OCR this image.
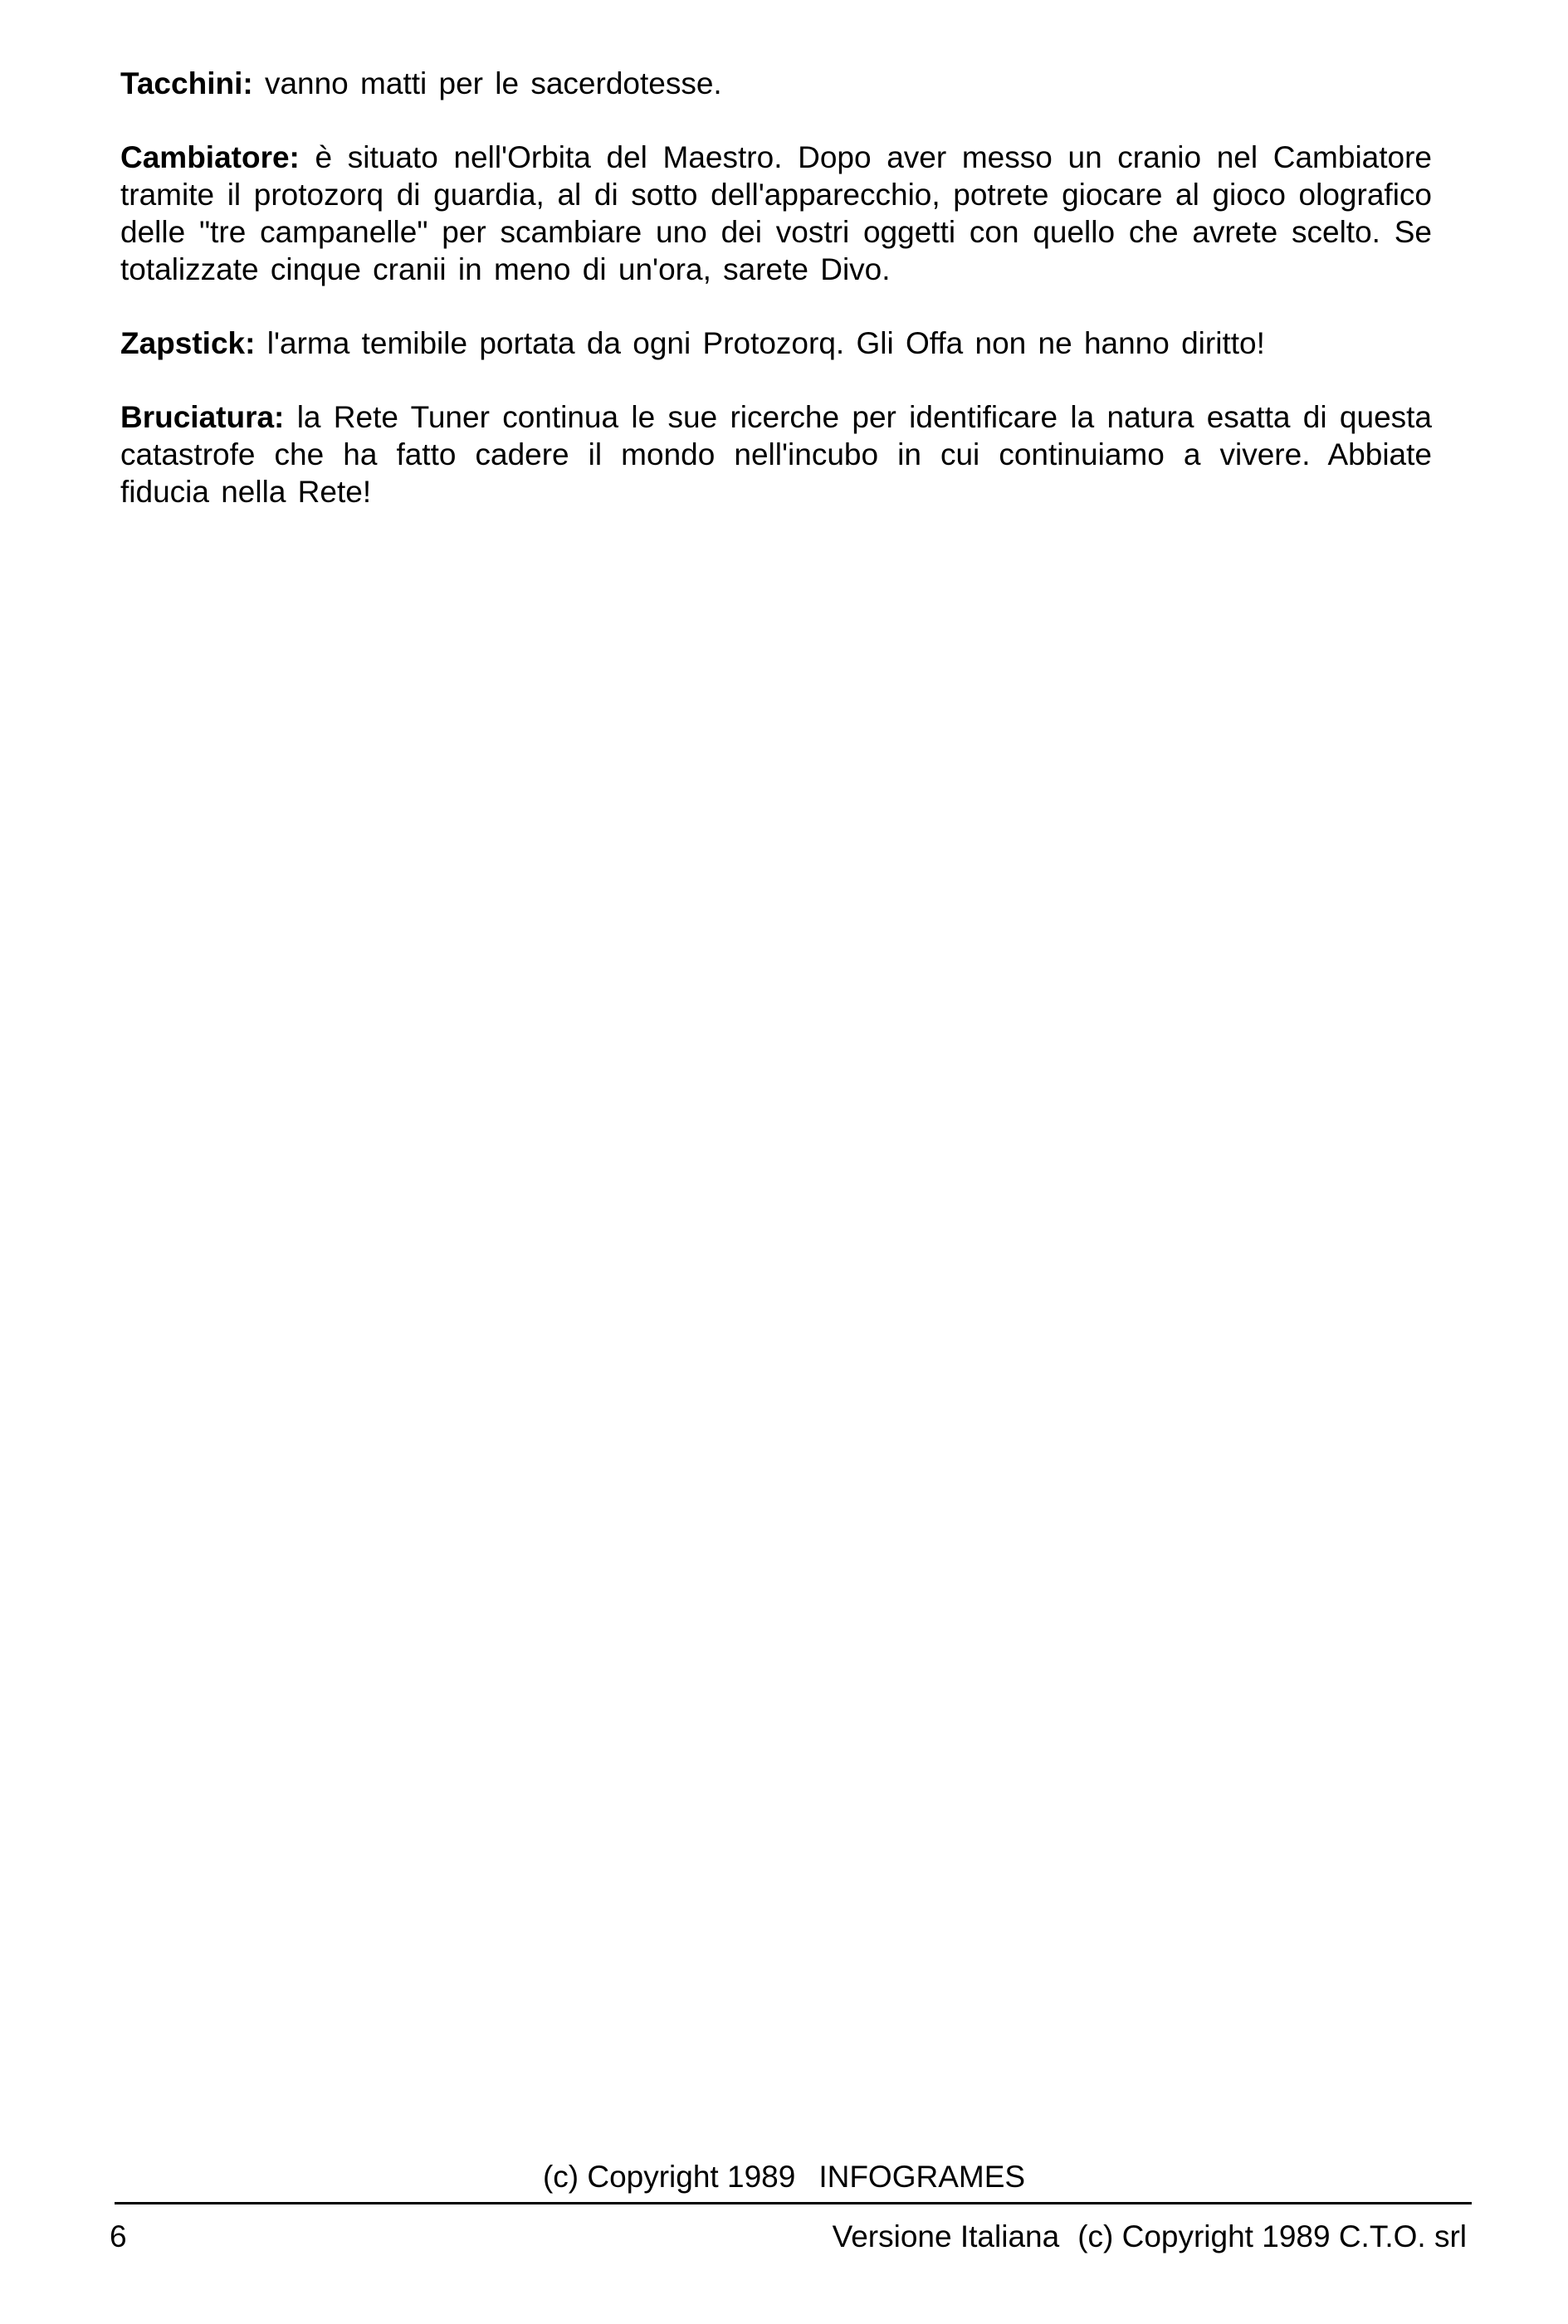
Tacchini: vanno matti per le sacerdotesse.

Cambiatore: è situato nell'Orbita del Maestro. Dopo aver messo un cranio nel Cambiatore tramite il protozorq di guardia, al di sotto dell'apparecchio, potrete giocare al gioco olografico delle "tre campanelle" per scambiare uno dei vostri oggetti con quello che avrete scelto. Se totalizzate cinque cranii in meno di un'ora, sarete Divo.

Zapstick: l'arma temibile portata da ogni Protozorq. Gli Offa non ne hanno diritto!

Bruciatura: la Rete Tuner continua le sue ricerche per identificare la natura esatta di questa catastrofe che ha fatto cadere il mondo nell'incubo in cui continuiamo a vivere. Abbiate fiducia nella Rete!

(c) Copyright 1989 INFOGRAMES
6	Versione Italiana (c) Copyright 1989 C.T.O. srl
